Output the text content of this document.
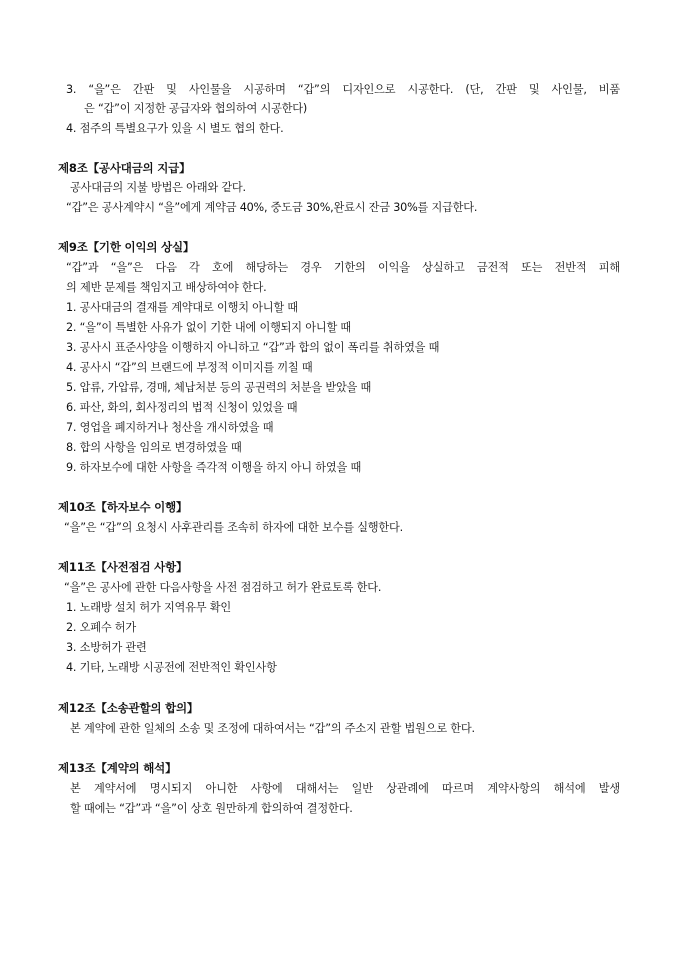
3. “을”은 간판 및 사인물을 시공하며 “갑”의 디자인으로 시공한다. (단, 간판 및 사인물, 비품
은 “갑”이 지정한 공급자와 협의하여 시공한다)
4. 점주의 특별요구가 있을 시 별도 협의 한다.
제8조【공사대금의 지급】
공사대금의 지불 방법은 아래와 같다.
“갑”은 공사계약시 “을”에게 계약금 40%, 중도금 30%,완료시 잔금 30%를 지급한다.
제9조【기한 이익의 상실】
“갑”과 “을”은 다음 각 호에 해당하는 경우 기한의 이익을 상실하고 금전적 또는 전반적 피해
의 제반 문제를 책임지고 배상하여야 한다.
1. 공사대금의 결재를 계약대로 이행치 아니할 때
2. “을”이 특별한 사유가 없이 기한 내에 이행되지 아니할 때
3. 공사시 표준사양을 이행하지 아니하고 “갑”과 합의 없이 폭리를 취하였을 때
4. 공사시 “갑”의 브랜드에 부정적 이미지를 끼칠 때
5. 압류, 가압류, 경매, 체납처분 등의 공권력의 처분을 받았을 때
6. 파산, 화의, 회사정리의 법적 신청이 있었을 때
7. 영업을 폐지하거나 청산을 개시하였을 때
8. 합의 사항을 임의로 변경하였을 때
9. 하자보수에 대한 사항을 즉각적 이행을 하지 아니 하였을 때
제10조【하자보수 이행】
“을”은 “갑”의 요청시 사후관리를 조속히 하자에 대한 보수를 실행한다.
제11조【사전점검 사항】
“을”은 공사에 관한 다음사항을 사전 점검하고 허가 완료토록 한다.
1. 노래방 설치 허가 지역유무 확인
2. 오폐수 허가
3. 소방허가 관련
4. 기타, 노래방 시공전에 전반적인 확인사항
제12조【소송관할의 합의】
본 계약에 관한 일체의 소송 및 조정에 대하여서는 “갑”의 주소지 관할 법원으로 한다.
제13조【계약의 해석】
본 계약서에 명시되지 아니한 사항에 대해서는 일반 상관례에 따르며 계약사항의 해석에 발생
할 때에는 “갑”과 “을”이 상호 원만하게 합의하여 결정한다.
